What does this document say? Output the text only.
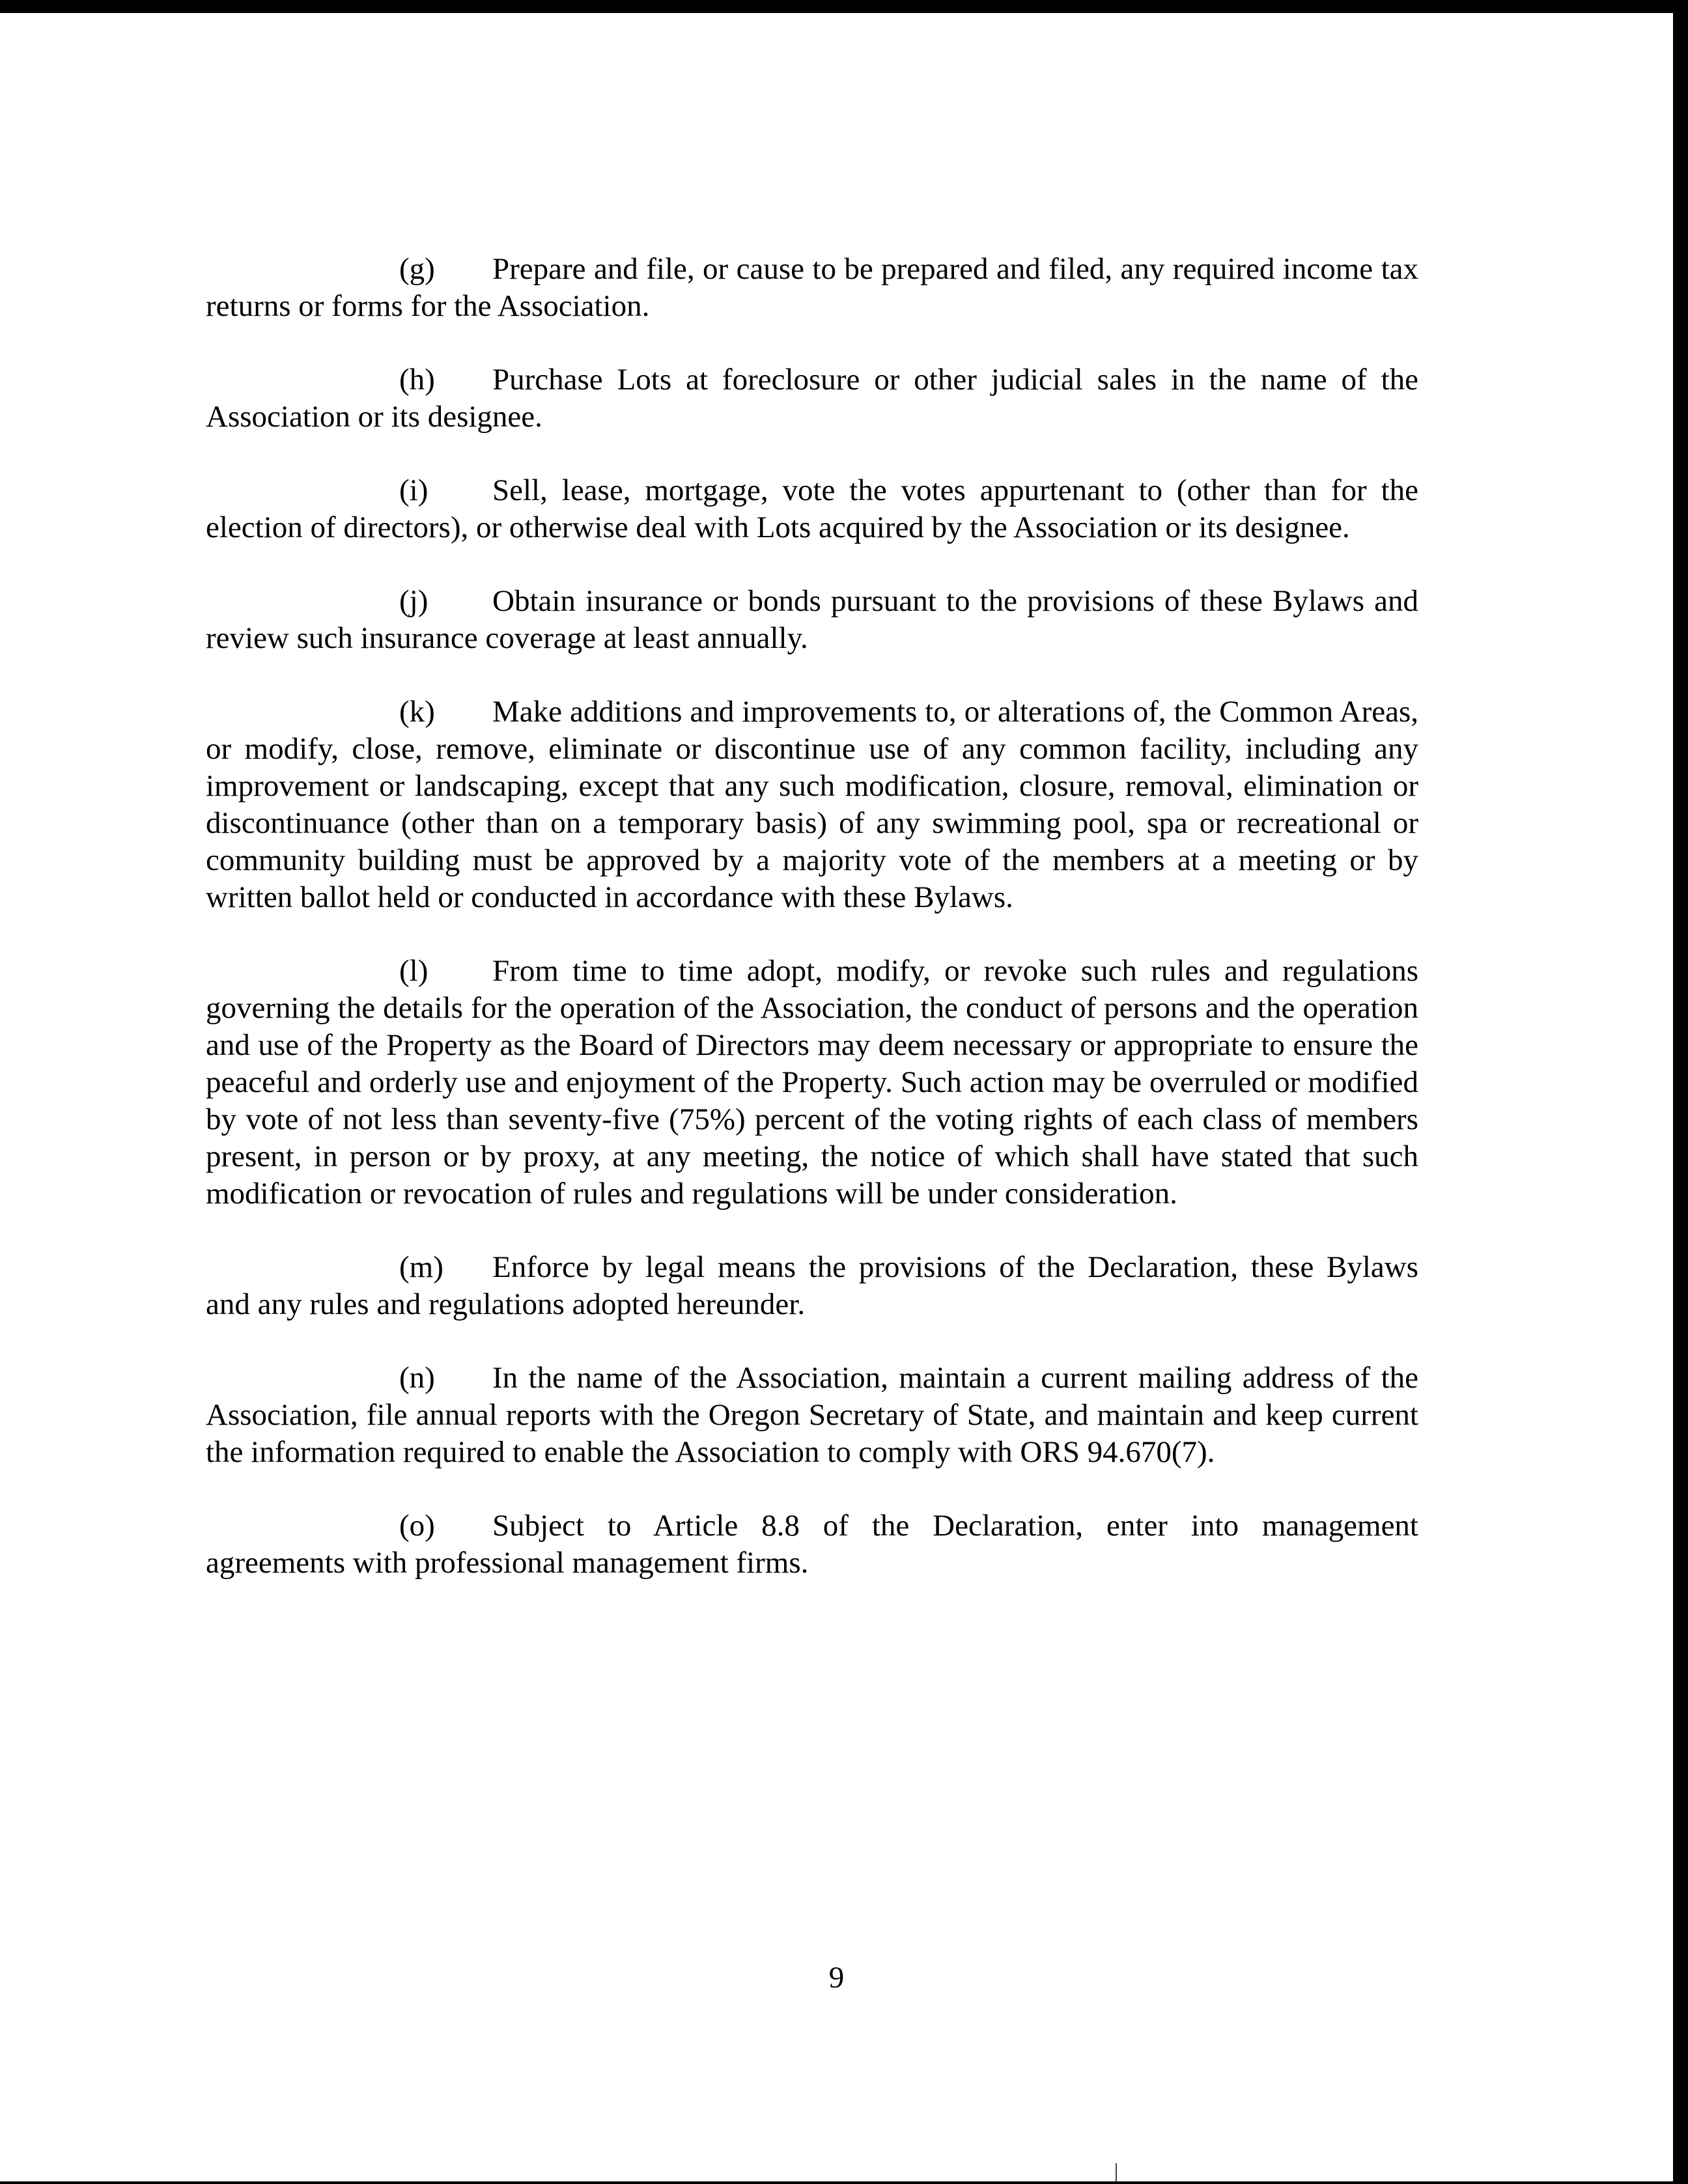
(g) Prepare and file, or cause to be prepared and filed, any required income tax returns or forms for the Association.

(h) Purchase Lots at foreclosure or other judicial sales in the name of the Association or its designee.

(i) Sell, lease, mortgage, vote the votes appurtenant to (other than for the election of directors), or otherwise deal with Lots acquired by the Association or its designee.

(j) Obtain insurance or bonds pursuant to the provisions of these Bylaws and review such insurance coverage at least annually.

(k) Make additions and improvements to, or alterations of, the Common Areas, or modify, close, remove, eliminate or discontinue use of any common facility, including any improvement or landscaping, except that any such modification, closure, removal, elimination or discontinuance (other than on a temporary basis) of any swimming pool, spa or recreational or community building must be approved by a majority vote of the members at a meeting or by written ballot held or conducted in accordance with these Bylaws.

(l) From time to time adopt, modify, or revoke such rules and regulations governing the details for the operation of the Association, the conduct of persons and the operation and use of the Property as the Board of Directors may deem necessary or appropriate to ensure the peaceful and orderly use and enjoyment of the Property. Such action may be overruled or modified by vote of not less than seventy-five (75%) percent of the voting rights of each class of members present, in person or by proxy, at any meeting, the notice of which shall have stated that such modification or revocation of rules and regulations will be under consideration.

(m) Enforce by legal means the provisions of the Declaration, these Bylaws and any rules and regulations adopted hereunder.

(n) In the name of the Association, maintain a current mailing address of the Association, file annual reports with the Oregon Secretary of State, and maintain and keep current the information required to enable the Association to comply with ORS 94.670(7).

(o) Subject to Article 8.8 of the Declaration, enter into management agreements with professional management firms.

9
